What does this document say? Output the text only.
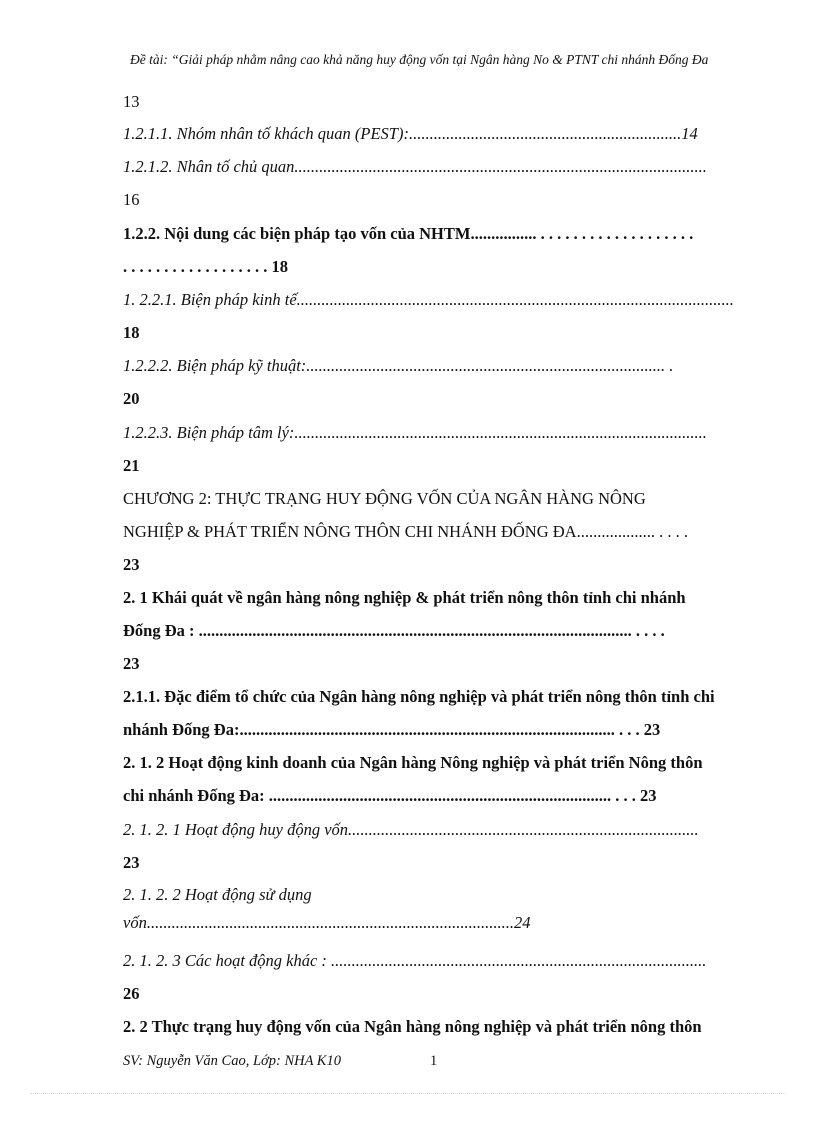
Đề tài: “Giải pháp nhằm nâng cao khả năng huy động vốn tại Ngân hàng No & PTNT chi nhánh Đống Đa
13
1.2.1.1. Nhóm nhân tố khách quan (PEST):..................................................................14
1.2.1.2. Nhân tố chủ quan....................................................................................................
16
1.2.2. Nội dung các biện pháp tạo vốn của NHTM................ . . . . . . . . . . . . . . . . . . .
. . . . . . . . . . . . . . . . . . 18
1. 2.2.1. Biện pháp kinh tế..........................................................................................................
18
1.2.2.2. Biện pháp kỹ thuật:....................................................................................... .
20
1.2.2.3. Biện pháp tâm lý:....................................................................................................
21
CHƯƠNG 2: THỰC TRẠNG HUY ĐỘNG VỐN CỦA NGÂN HÀNG NÔNG
NGHIỆP & PHÁT TRIỂN NÔNG THÔN CHI NHÁNH ĐỐNG ĐA................... . . . .
23
2. 1 Khái quát về ngân hàng nông nghiệp & phát triển nông thôn tỉnh chi nhánh
Đống Đa : ......................................................................................................... . . . .
23
2.1.1. Đặc điểm tổ chức của Ngân hàng nông nghiệp và phát triển nông thôn tỉnh chi
nhánh Đống Đa:........................................................................................... . . . 23
2. 1. 2 Hoạt động kinh doanh của Ngân hàng Nông nghiệp và phát triển Nông thôn
chi nhánh Đống Đa: ................................................................................... . . . 23
2. 1. 2. 1 Hoạt động huy động vốn.....................................................................................
23
2. 1. 2. 2 Hoạt động sử dụng
vốn.........................................................................................24
2. 1. 2. 3 Các hoạt động khác : ...........................................................................................
26
2. 2 Thực trạng huy động vốn của Ngân hàng nông nghiệp và phát triển nông thôn
SV: Nguyễn Văn Cao, Lớp: NHA K10	1
